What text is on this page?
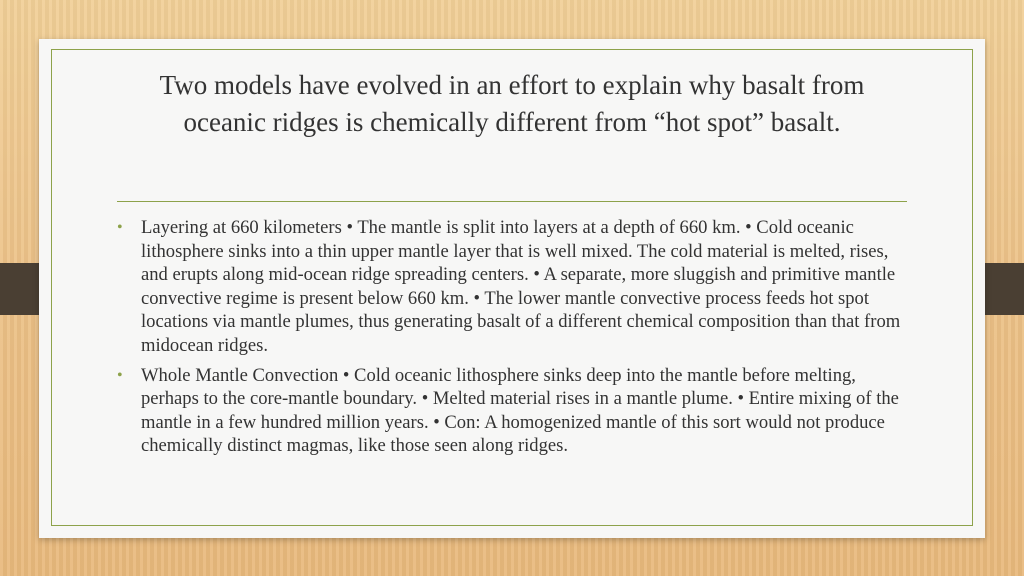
Two models have evolved in an effort to explain why basalt from
oceanic ridges is chemically different from “hot spot” basalt.
• Layering at 660 kilometers • The mantle is split into layers at a depth of 660 km. • Cold oceanic lithosphere sinks into a thin upper mantle layer that is well mixed. The cold material is melted, rises, and erupts along mid-ocean ridge spreading centers. • A separate, more sluggish and primitive mantle convective regime is present below 660 km. • The lower mantle convective process feeds hot spot locations via mantle plumes, thus generating basalt of a different chemical composition than that from midocean ridges.
• Whole Mantle Convection • Cold oceanic lithosphere sinks deep into the mantle before melting, perhaps to the core-mantle boundary. • Melted material rises in a mantle plume. • Entire mixing of the mantle in a few hundred million years. • Con: A homogenized mantle of this sort would not produce chemically distinct magmas, like those seen along ridges.
